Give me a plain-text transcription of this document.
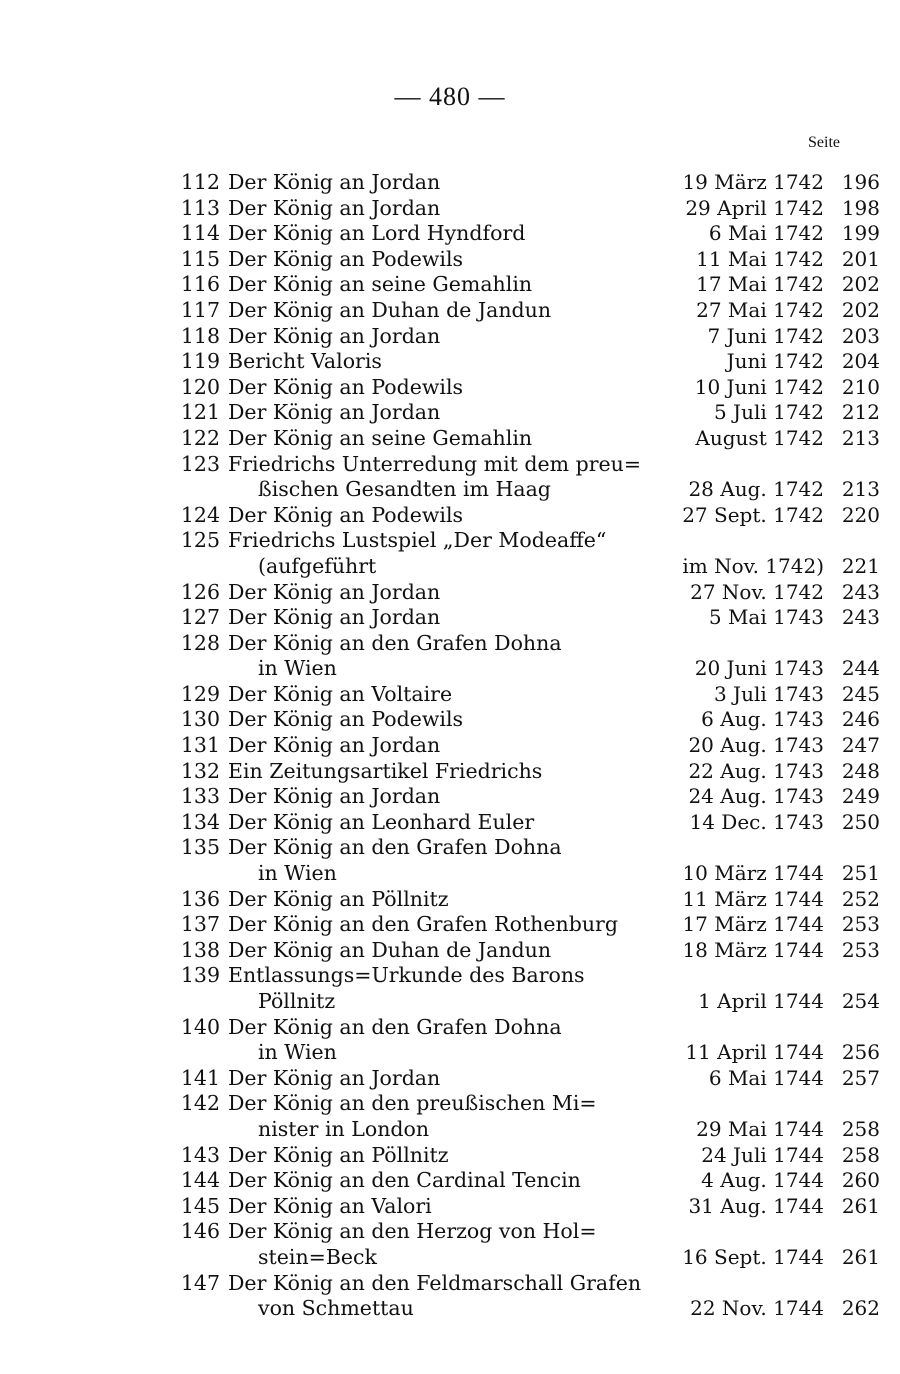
— 480 —
Seite
112 Der König an Jordan	19 März 1742 196
113 Der König an Jordan	29 April 1742 198
114 Der König an Lord Hyndford	6 Mai 1742 199
115 Der König an Podewils	11 Mai 1742 201
116 Der König an seine Gemahlin	17 Mai 1742 202
117 Der König an Duhan de Jandun	27 Mai 1742 202
118 Der König an Jordan	7 Juni 1742 203
119 Bericht Valoris	Juni 1742 204
120 Der König an Podewils	10 Juni 1742 210
121 Der König an Jordan	5 Juli 1742 212
122 Der König an seine Gemahlin	August 1742 213
123 Friedrichs Unterredung mit dem preu=
ßischen Gesandten im Haag	28 Aug. 1742 213
124 Der König an Podewils	27 Sept. 1742 220
125 Friedrichs Lustspiel „Der Modeaffe“
(aufgeführt	im Nov. 1742) 221
126 Der König an Jordan	27 Nov. 1742 243
127 Der König an Jordan	5 Mai 1743 243
128 Der König an den Grafen Dohna
in Wien	20 Juni 1743 244
129 Der König an Voltaire	3 Juli 1743 245
130 Der König an Podewils	6 Aug. 1743 246
131 Der König an Jordan	20 Aug. 1743 247
132 Ein Zeitungsartikel Friedrichs	22 Aug. 1743 248
133 Der König an Jordan	24 Aug. 1743 249
134 Der König an Leonhard Euler	14 Dec. 1743 250
135 Der König an den Grafen Dohna
in Wien	10 März 1744 251
136 Der König an Pöllnitz	11 März 1744 252
137 Der König an den Grafen Rothenburg	17 März 1744 253
138 Der König an Duhan de Jandun	18 März 1744 253
139 Entlassungs=Urkunde des Barons
Pöllnitz	1 April 1744 254
140 Der König an den Grafen Dohna
in Wien	11 April 1744 256
141 Der König an Jordan	6 Mai 1744 257
142 Der König an den preußischen Mi=
nister in London	29 Mai 1744 258
143 Der König an Pöllnitz	24 Juli 1744 258
144 Der König an den Cardinal Tencin	4 Aug. 1744 260
145 Der König an Valori	31 Aug. 1744 261
146 Der König an den Herzog von Hol=
stein=Beck	16 Sept. 1744 261
147 Der König an den Feldmarschall Grafen
von Schmettau	22 Nov. 1744 262
